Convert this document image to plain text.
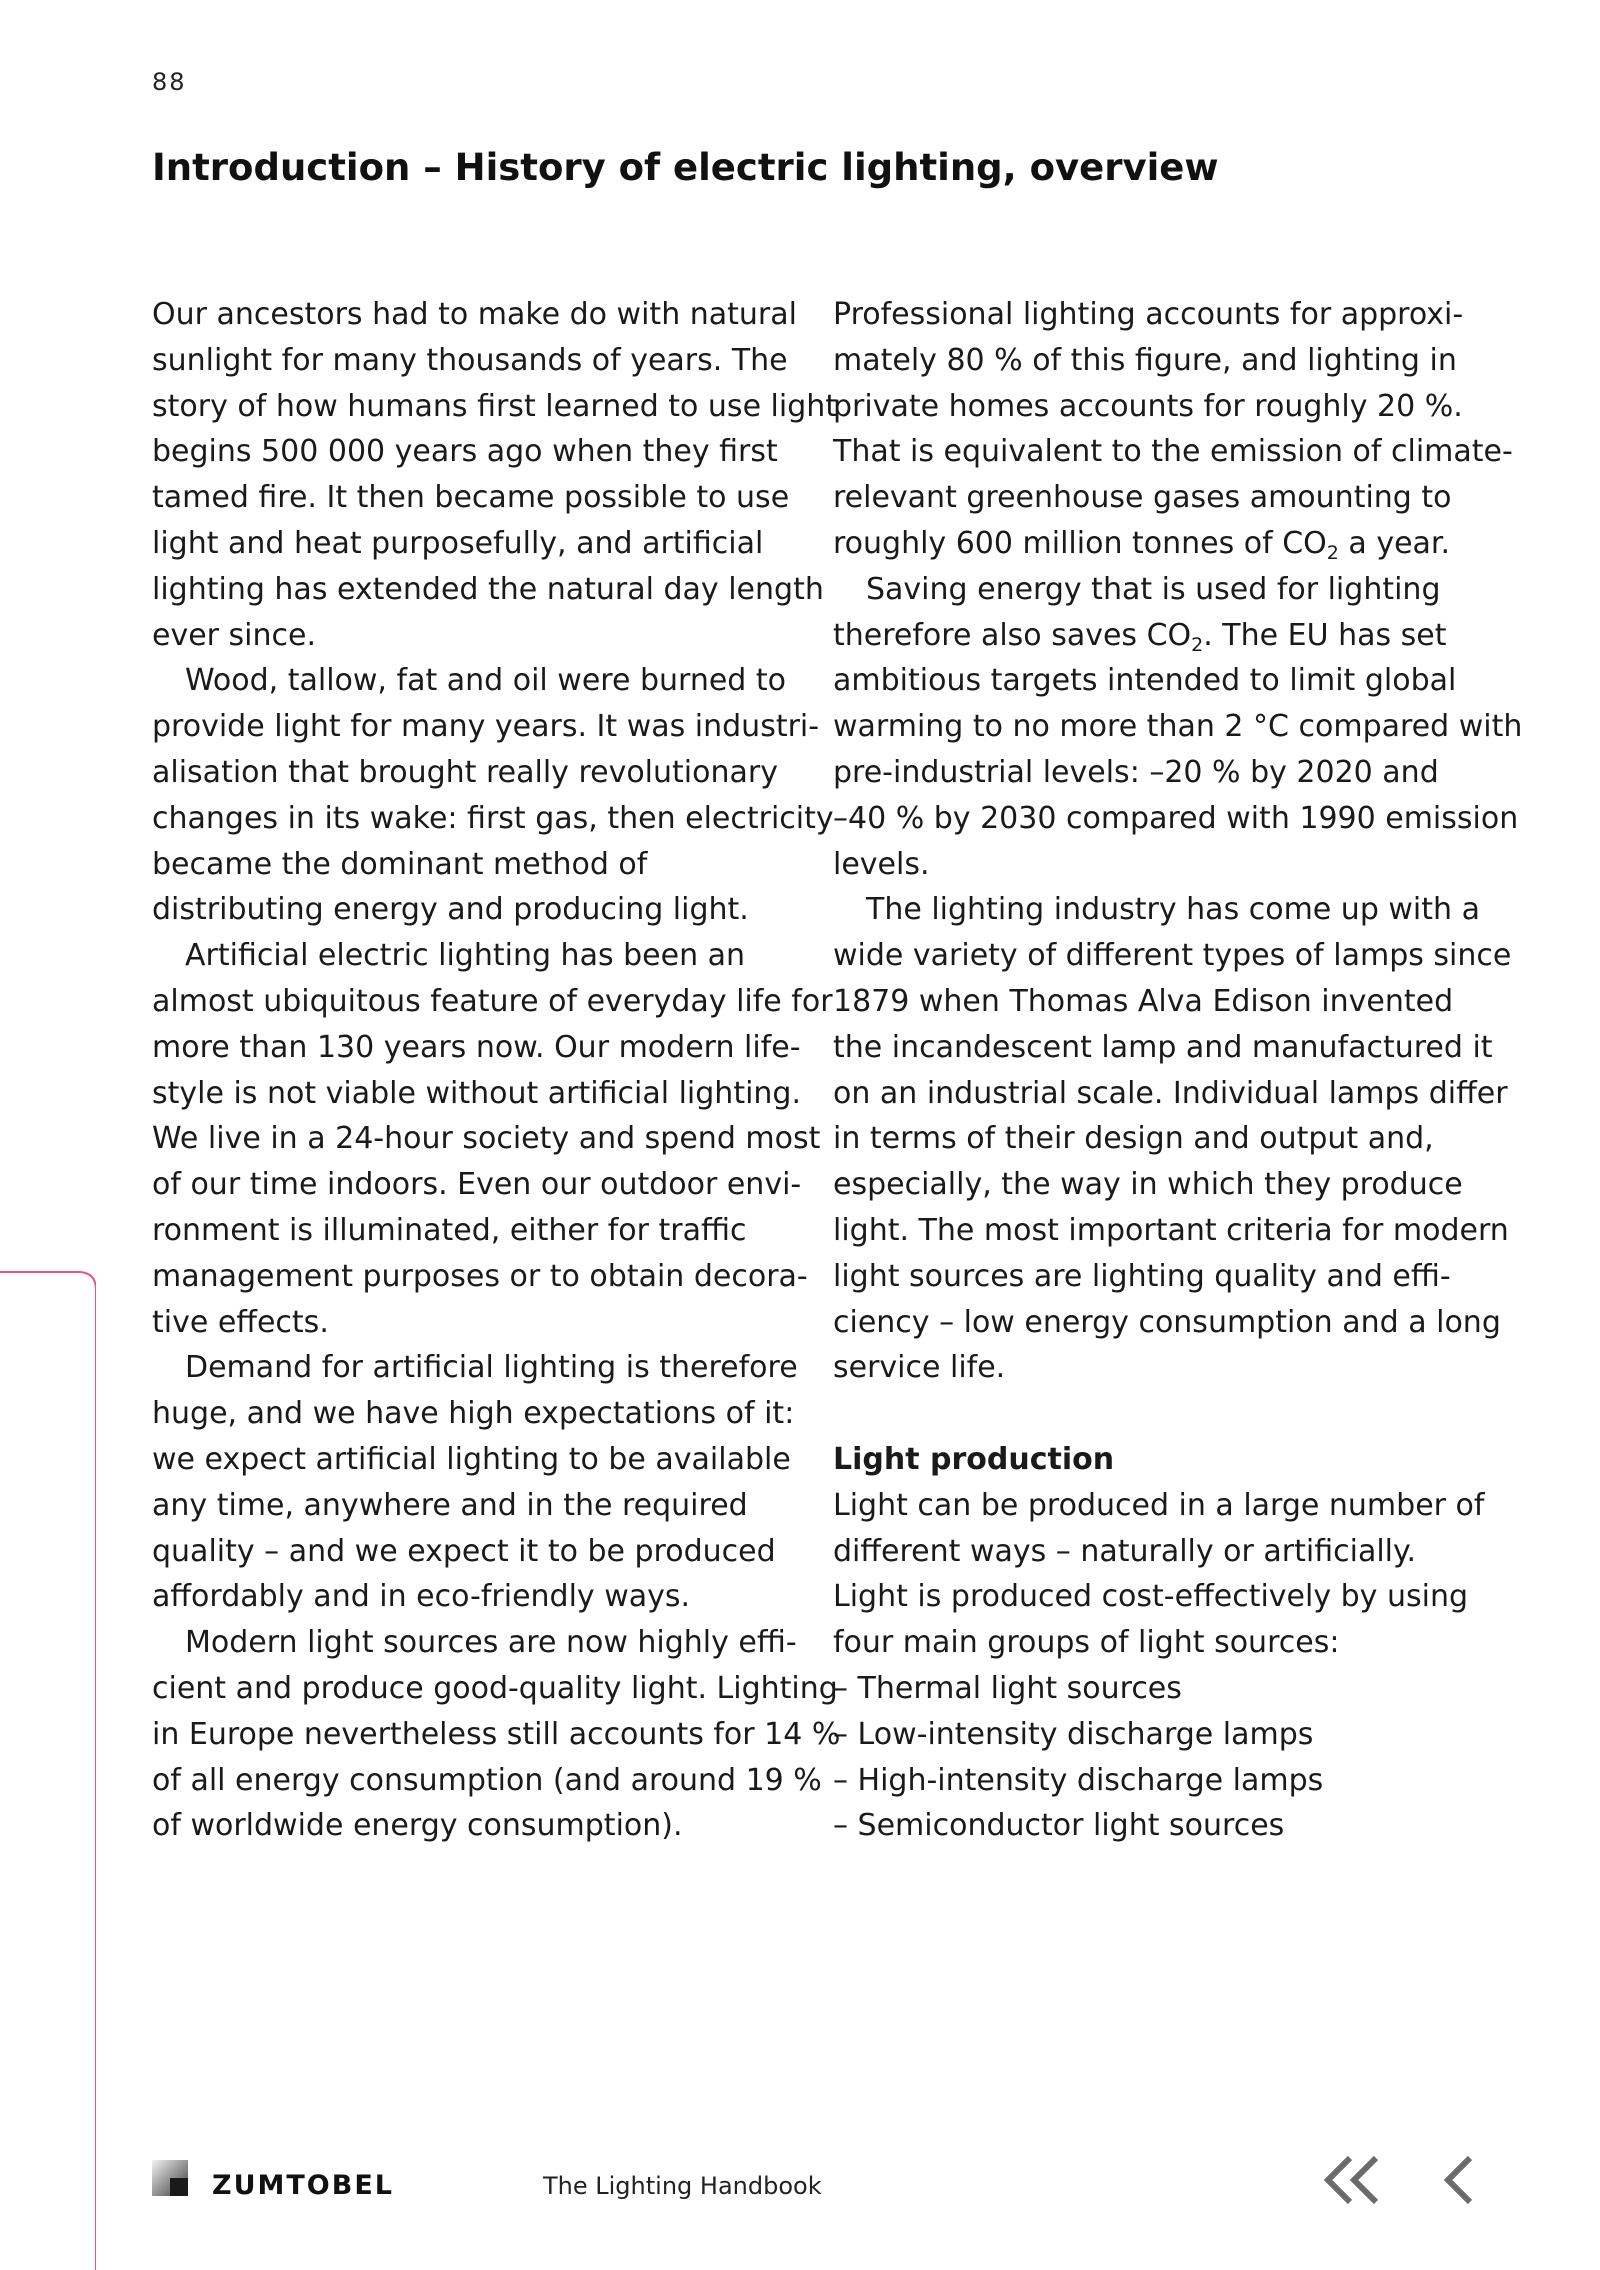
88
Introduction – History of electric lighting, overview
Our ancestors had to make do with natural
sunlight for many thousands of years. The
story of how humans first learned to use light
begins 500 000 years ago when they first
tamed fire. It then became possible to use
light and heat purposefully, and artificial
lighting has extended the natural day length
ever since.
Wood, tallow, fat and oil were burned to
provide light for many years. It was industri-
alisation that brought really revolutionary
changes in its wake: first gas, then electricity
became the dominant method of
distributing energy and producing light.
Artificial electric lighting has been an
almost ubiquitous feature of everyday life for
more than 130 years now. Our modern life-
style is not viable without artificial lighting.
We live in a 24-hour society and spend most
of our time indoors. Even our outdoor envi-
ronment is illuminated, either for traffic
management purposes or to obtain decora-
tive effects.
Demand for artificial lighting is therefore
huge, and we have high expectations of it:
we expect artificial lighting to be available
any time, anywhere and in the required
quality – and we expect it to be produced
affordably and in eco-friendly ways.
Modern light sources are now highly effi-
cient and produce good-quality light. Lighting
in Europe nevertheless still accounts for 14 %
of all energy consumption (and around 19 %
of worldwide energy consumption).
Professional lighting accounts for approxi-
mately 80 % of this figure, and lighting in
private homes accounts for roughly 20 %.
That is equivalent to the emission of climate-
relevant greenhouse gases amounting to
roughly 600 million tonnes of $CO_2$ a year.
Saving energy that is used for lighting
therefore also saves $CO_2$. The EU has set
ambitious targets intended to limit global
warming to no more than 2 °C compared with
pre-industrial levels: –20 % by 2020 and
–40 % by 2030 compared with 1990 emission
levels.
The lighting industry has come up with a
wide variety of different types of lamps since
1879 when Thomas Alva Edison invented
the incandescent lamp and manufactured it
on an industrial scale. Individual lamps differ
in terms of their design and output and,
especially, the way in which they produce
light. The most important criteria for modern
light sources are lighting quality and effi-
ciency – low energy consumption and a long
service life.
Light production
Light can be produced in a large number of
different ways – naturally or artificially.
Light is produced cost-effectively by using
four main groups of light sources:
– Thermal light sources
– Low-intensity discharge lamps
– High-intensity discharge lamps
– Semiconductor light sources
ZUMTOBEL	The Lighting Handbook
